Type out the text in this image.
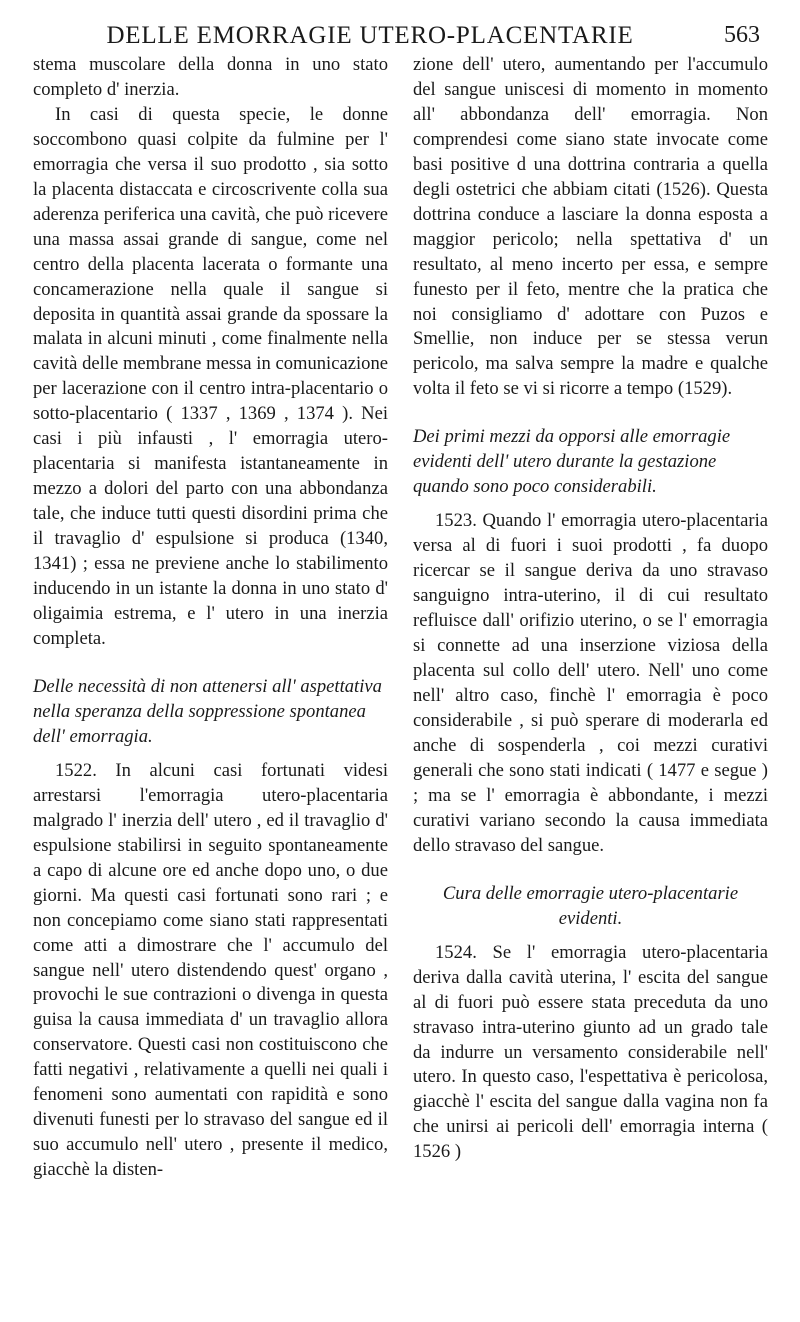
DELLE EMORRAGIE UTERO-PLACENTARIE	563

stema muscolare della donna in uno stato completo d' inerzia.

In casi di questa specie, le donne soccombono quasi colpite da fulmine per l' emorragia che versa il suo prodotto , sia sotto la placenta distaccata e circoscrivente colla sua aderenza periferica una cavità, che può ricevere una massa assai grande di sangue, come nel centro della placenta lacerata o formante una concamerazione nella quale il sangue si deposita in quantità assai grande da spossare la malata in alcuni minuti , come finalmente nella cavità delle membrane messa in comunicazione per lacerazione con il centro intra-placentario o sotto-placentario ( 1337 , 1369 , 1374 ). Nei casi i più infausti , l' emorragia utero-placentaria si manifesta istantaneamente in mezzo a dolori del parto con una abbondanza tale, che induce tutti questi disordini prima che il travaglio d' espulsione si produca (1340, 1341) ; essa ne previene anche lo stabilimento inducendo in un istante la donna in uno stato d' oligaimia estrema, e l' utero in una inerzia completa.

Delle necessità di non attenersi all' aspettativa nella speranza della soppressione spontanea dell' emorragia.

1522. In alcuni casi fortunati videsi arrestarsi l'emorragia utero-placentaria malgrado l' inerzia dell' utero , ed il travaglio d' espulsione stabilirsi in seguito spontaneamente a capo di alcune ore ed anche dopo uno, o due giorni. Ma questi casi fortunati sono rari ; e non concepiamo come siano stati rappresentati come atti a dimostrare che l' accumulo del sangue nell' utero distendendo quest' organo , provochi le sue contrazioni o divenga in questa guisa la causa immediata d' un travaglio allora conservatore. Questi casi non costituiscono che fatti negativi , relativamente a quelli nei quali i fenomeni sono aumentati con rapidità e sono divenuti funesti per lo stravaso del sangue ed il suo accumulo nell' utero , presente il medico, giacchè la disten-

zione dell' utero, aumentando per l'accumulo del sangue uniscesi di momento in momento all' abbondanza dell' emorragia. Non comprendesi come siano state invocate come basi positive d una dottrina contraria a quella degli ostetrici che abbiam citati (1526). Questa dottrina conduce a lasciare la donna esposta a maggior pericolo; nella spettativa d' un resultato, al meno incerto per essa, e sempre funesto per il feto, mentre che la pratica che noi consigliamo d' adottare con Puzos e Smellie, non induce per se stessa verun pericolo, ma salva sempre la madre e qualche volta il feto se vi si ricorre a tempo (1529).

Dei primi mezzi da opporsi alle emorragie evidenti dell' utero durante la gestazione quando sono poco considerabili.

1523. Quando l' emorragia utero-placentaria versa al di fuori i suoi prodotti , fa duopo ricercar se il sangue deriva da uno stravaso sanguigno intra-uterino, il di cui resultato refluisce dall' orifizio uterino, o se l' emorragia si connette ad una inserzione viziosa della placenta sul collo dell' utero. Nell' uno come nell' altro caso, finchè l' emorragia è poco considerabile , si può sperare di moderarla ed anche di sospenderla , coi mezzi curativi generali che sono stati indicati ( 1477 e segue ) ; ma se l' emorragia è abbondante, i mezzi curativi variano secondo la causa immediata dello stravaso del sangue.

Cura delle emorragie utero-placentarie evidenti.

1524. Se l' emorragia utero-placentaria deriva dalla cavità uterina, l' escita del sangue al di fuori può essere stata preceduta da uno stravaso intra-uterino giunto ad un grado tale da indurre un versamento considerabile nell' utero. In questo caso, l'espettativa è pericolosa, giacchè l' escita del sangue dalla vagina non fa che unirsi ai pericoli dell' emorragia interna ( 1526 )
